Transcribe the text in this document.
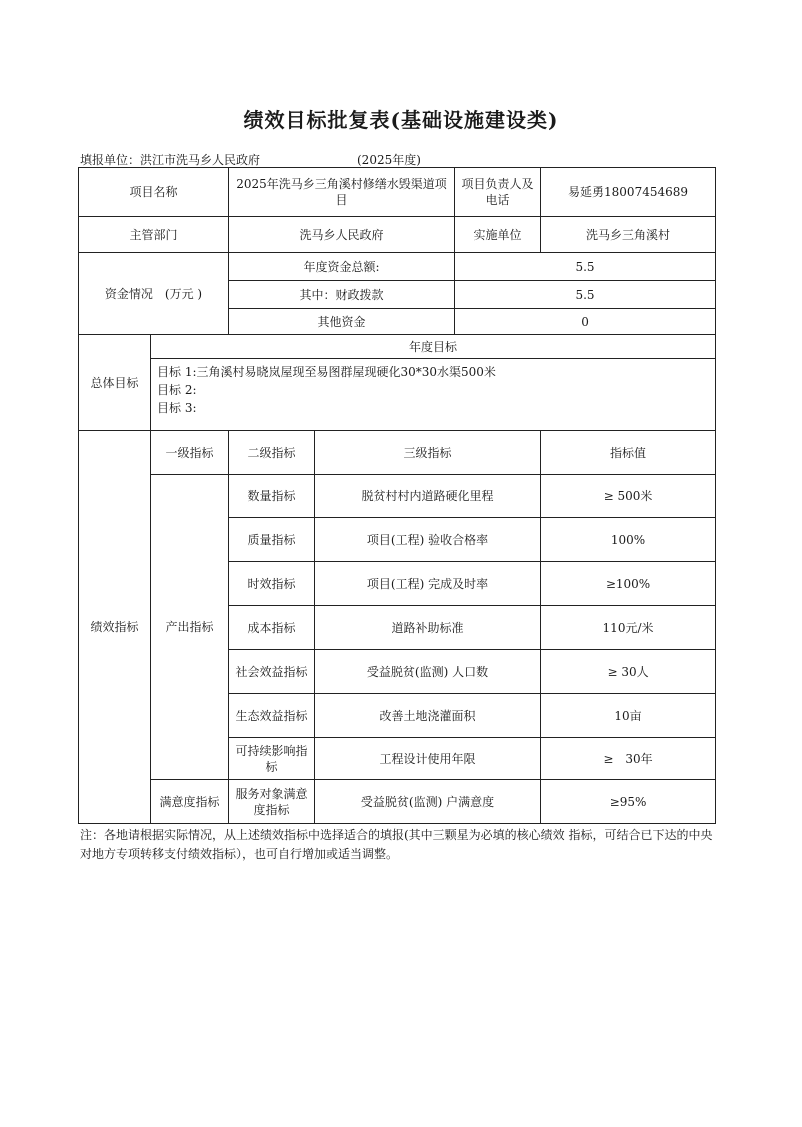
绩效目标批复表(基础设施建设类)
填报单位：洪江市洗马乡人民政府	(2025年度)
项目名称		2025年洗马乡三角溪村修缮水毁渠道项目		项目负责人及电话	易延勇18007454689
主管部门		洗马乡人民政府		实施单位	洗马乡三角溪村
资金情况　(万元 )		年度资金总额:		5.5	
		其中：财政拨款		5.5	
		其他资金		0	
总体目标	年度目标				

	目标 1:三角溪村易晓岚屋现至易图群屋现硬化30*30水渠500米
目标 2:
目标 3:				

绩效指标	一级指标	二级指标	三级指标		指标值
	产出指标	数量指标	脱贫村村内道路硬化里程		≥ 500米
		质量指标	项目(工程) 验收合格率		100%
		时效指标	项目(工程) 完成及时率		≥100%
		成本指标	道路补助标准		110元/米
		社会效益指标	受益脱贫(监测) 人口数		≥ 30人
		生态效益指标	改善土地浇灌面积		10亩
		可持续影响指标	工程设计使用年限		≥　30年
	满意度指标	服务对象满意度指标	受益脱贫(监测) 户满意度		≥95%
注：各地请根据实际情况，从上述绩效指标中选择适合的填报(其中三颗星为必填的核心绩效 指标，可结合已下达的中央对地方专项转移支付绩效指标），也可自行增加或适当调整。
